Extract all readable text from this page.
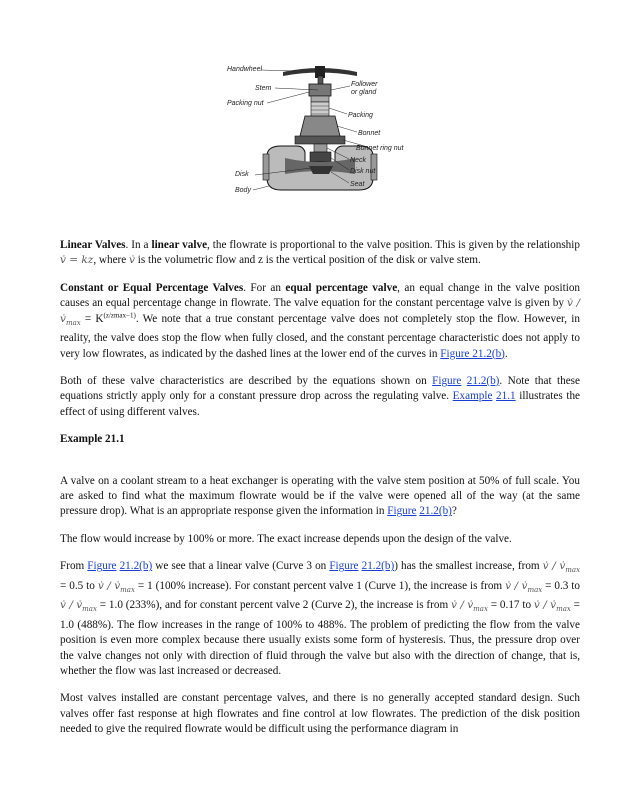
Handwheel
Stem
Packing nut
Follower
or gland
Packing
Bonnet
Bonnet ring nut
Neck
Disk nut
Disk
Seat
Body

Linear Valves. In a linear valve, the flowrate is proportional to the valve position. This is given by the relationship v̇ = kz, where v̇ is the volumetric flow and z is the vertical position of the disk or valve stem.

Constant or Equal Percentage Valves. For an equal percentage valve, an equal change in the valve position causes an equal percentage change in flowrate. The valve equation for the constant percentage valve is given by v̇ / $v̇_{max} = K^{(z/zmax-1)}$. We note that a true constant percentage valve does not completely stop the flow. However, in reality, the valve does stop the flow when fully closed, and the constant percentage characteristic does not apply to very low flowrates, as indicated by the dashed lines at the lower end of the curves in Figure 21.2(b).

Both of these valve characteristics are described by the equations shown on Figure 21.2(b). Note that these equations strictly apply only for a constant pressure drop across the regulating valve. Example 21.1 illustrates the effect of using different valves.

Example 21.1

A valve on a coolant stream to a heat exchanger is operating with the valve stem position at 50% of full scale. You are asked to find what the maximum flowrate would be if the valve were opened all of the way (at the same pressure drop). What is an appropriate response given the information in Figure 21.2(b)?

The flow would increase by 100% or more. The exact increase depends upon the design of the valve.

From Figure 21.2(b) we see that a linear valve (Curve 3 on Figure 21.2(b)) has the smallest increase, from v̇ / $v̇_{max} = 0.5$ to v̇ / $v̇_{max} = 1$ (100% increase). For constant percent valve 1 (Curve 1), the increase is from v̇ / $v̇_{max} = 0.3$ to v̇ / $v̇_{max} = 1.0$ (233%), and for constant percent valve 2 (Curve 2), the increase is from v̇ / $v̇_{max} = 0.17$ to v̇ / $v̇_{max} = 1.0$ (488%). The flow increases in the range of 100% to 488%. The problem of predicting the flow from the valve position is even more complex because there usually exists some form of hysteresis. Thus, the pressure drop over the valve changes not only with direction of fluid through the valve but also with the direction of change, that is, whether the flow was last increased or decreased.

Most valves installed are constant percentage valves, and there is no generally accepted standard design. Such valves offer fast response at high flowrates and fine control at low flowrates. The prediction of the disk position needed to give the required flowrate would be difficult using the performance diagram in
